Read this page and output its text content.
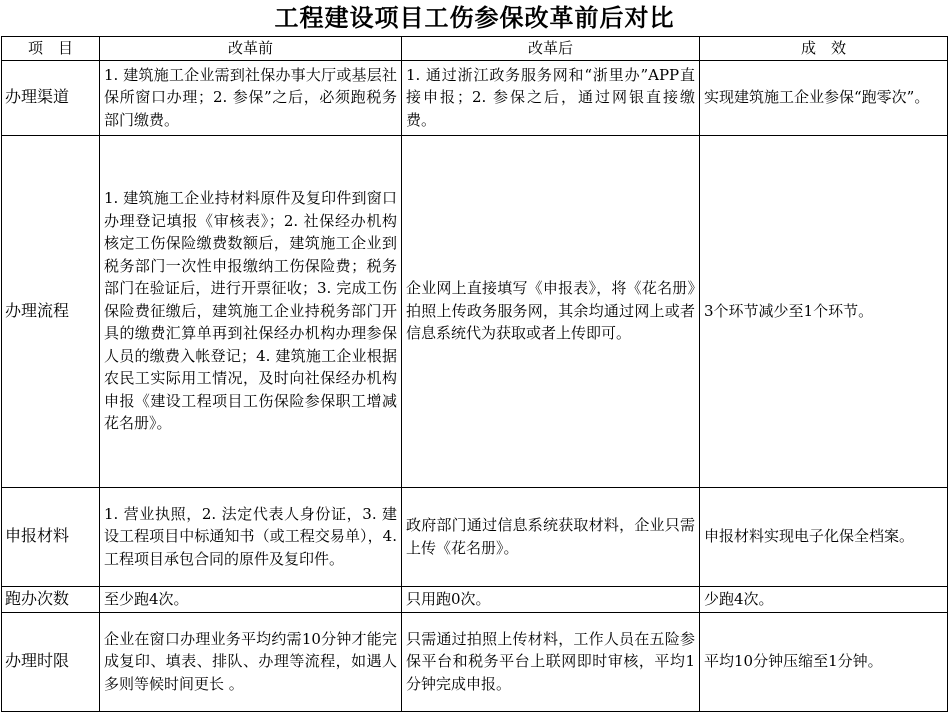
工程建设项目工伤参保改革前后对比
项　目	改革前	改革后	成　效
办理渠道	1. 建筑施工企业需到社保办事大厅或基层社保所窗口办理；2. 参保”之后，必须跑税务部门缴费。	1. 通过浙江政务服务网和“浙里办”APP直接申报；2. 参保之后，通过网银直接缴费。	实现建筑施工企业参保“跑零次”。
办理流程	1. 建筑施工企业持材料原件及复印件到窗口办理登记填报《审核表》；2. 社保经办机构核定工伤保险缴费数额后，建筑施工企业到税务部门一次性申报缴纳工伤保险费；税务部门在验证后，进行开票征收；3. 完成工伤保险费征缴后，建筑施工企业持税务部门开具的缴费汇算单再到社保经办机构办理参保人员的缴费入帐登记；4. 建筑施工企业根据农民工实际用工情况，及时向社保经办机构申报《建设工程项目工伤保险参保职工增减花名册》。	企业网上直接填写《申报表》，将《花名册》拍照上传政务服务网，其余均通过网上或者信息系统代为获取或者上传即可。	3个环节减少至1个环节。
申报材料	1. 营业执照，2. 法定代表人身份证，3. 建设工程项目中标通知书（或工程交易单），4. 工程项目承包合同的原件及复印件。	政府部门通过信息系统获取材料，企业只需上传《花名册》。	申报材料实现电子化保全档案。
跑办次数	至少跑4次。	只用跑0次。	少跑4次。
办理时限	企业在窗口办理业务平均约需10分钟才能完成复印、填表、排队、办理等流程，如遇人多则等候时间更长 。	只需通过拍照上传材料，工作人员在五险参保平台和税务平台上联网即时审核，平均1分钟完成申报。	平均10分钟压缩至1分钟。
